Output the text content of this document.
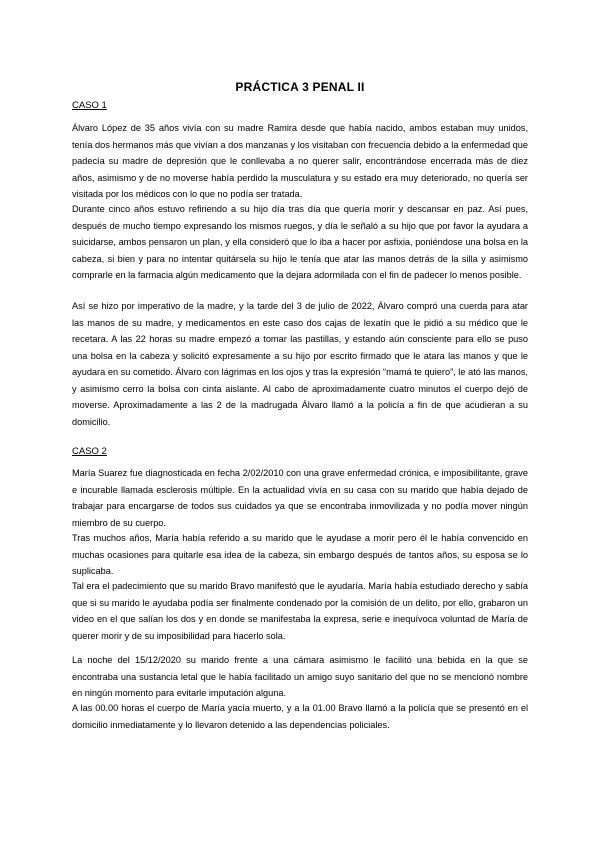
PRÁCTICA 3 PENAL II
CASO 1

Álvaro López de 35 años vivía con su madre Ramira desde que había nacido, ambos estaban muy unidos, tenía dos hermanos más que vivían a dos manzanas y los visitaban con frecuencia debido a la enfermedad que padecía su madre de depresión que le conllevaba a no querer salir, encontrándose encerrada más de diez años, asimismo y de no moverse había perdido la musculatura y su estado era muy deteriorado, no quería ser visitada por los médicos con lo que no podía ser tratada.

Durante cinco años estuvo refiriendo a su hijo día tras día que quería morir y descansar en paz. Así pues, después de mucho tiempo expresando los mismos ruegos, y día le señaló a su hijo que por favor la ayudara a suicidarse, ambos pensaron un plan, y ella consideró que lo iba a hacer por asfixia, poniéndose una bolsa en la cabeza, si bien y para no intentar quitársela su hijo le tenía que atar las manos detrás de la silla y asimismo comprarle en la farmacia algún medicamento que la dejara adormilada con el fin de padecer lo menos posible.

Así se hizo por imperativo de la madre, y la tarde del 3 de julio de 2022, Álvaro compró una cuerda para atar las manos de su madre, y medicamentos en este caso dos cajas de lexatín que le pidió a su médico que le recetara. A las 22 horas su madre empezó a tomar las pastillas, y estando aún consciente para ello se puso una bolsa en la cabeza y solicitó expresamente a su hijo por escrito firmado que le atara las manos y que le ayudara en su cometido. Álvaro con lágrimas en los ojos y tras la expresión “mamá te quiero”, le ató las manos, y asimismo cerro la bolsa con cinta aislante. Al cabo de aproximadamente cuatro minutos el cuerpo dejó de moverse. Aproximadamente a las 2 de la madrugada Álvaro llamó a la policía a fin de que acudieran a su domicilio.

CASO 2

María Suarez fue diagnosticada en fecha 2/02/2010 con una grave enfermedad crónica, e imposibilitante, grave e incurable llamada esclerosis múltiple. En la actualidad vivía en su casa con su marido que había dejado de trabajar para encargarse de todos sus cuidados ya que se encontraba inmovilizada y no podía mover ningún miembro de su cuerpo.

Tras muchos años, María había referido a su marido que le ayudase a morir pero él le había convencido en muchas ocasiones para quitarle esa idea de la cabeza, sin embargo después de tantos años, su esposa se lo suplicaba.

Tal era el padecimiento que su marido Bravo manifestó que le ayudaría. María había estudiado derecho y sabía que si su marido le ayudaba podía ser finalmente condenado por la comisión de un delito, por ello, grabaron un video en el que salían los dos y en donde se manifestaba la expresa, serie e inequívoca voluntad de María de querer morir y de su imposibilidad para hacerlo sola.

La noche del 15/12/2020 su marido frente a una cámara asimismo le facilitó una bebida en la que se encontraba una sustancia letal que le había facilitado un amigo suyo sanitario del que no se mencionó nombre en ningún momento para evitarle imputación alguna.

A las 00.00 horas el cuerpo de María yacía muerto, y a la 01.00 Bravo llamó a la policía que se presentó en el domicilio inmediatamente y lo llevaron detenido a las dependencias policiales.
